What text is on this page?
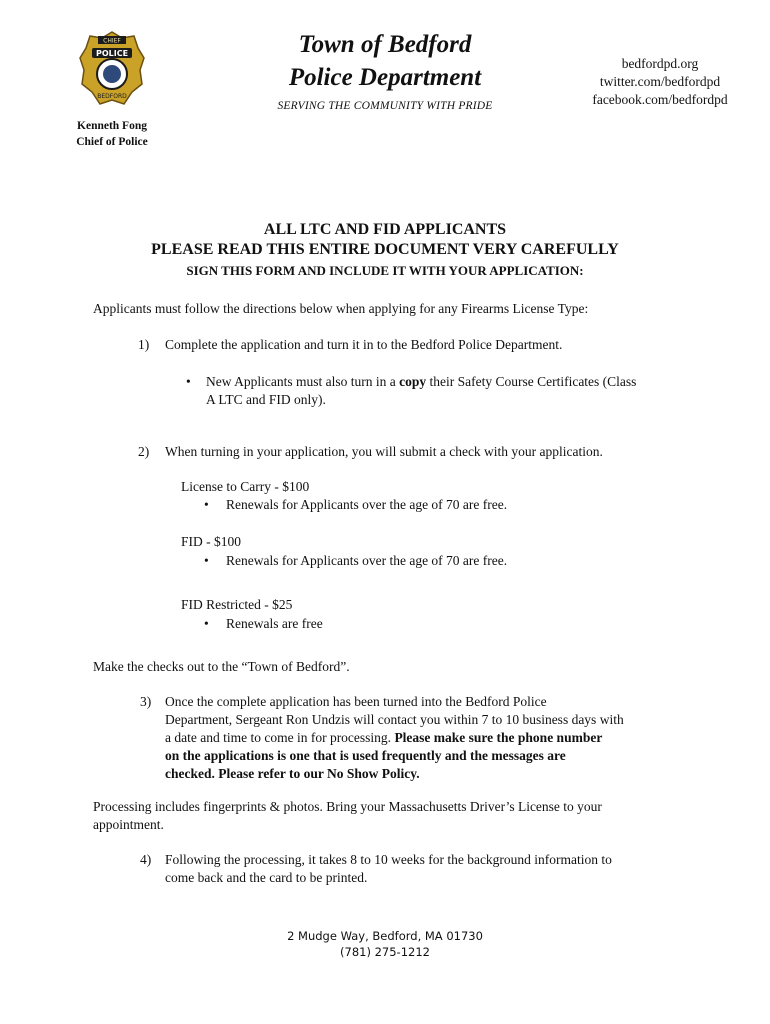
CHIEF
POLICE
BEDFORD
Kenneth Fong
Chief of Police
Town of Bedford
Police Department
SERVING THE COMMUNITY WITH PRIDE
bedfordpd.org
twitter.com/bedfordpd
facebook.com/bedfordpd
ALL LTC AND FID APPLICANTS
PLEASE READ THIS ENTIRE DOCUMENT VERY CAREFULLY
SIGN THIS FORM AND INCLUDE IT WITH YOUR APPLICATION:
Applicants must follow the directions below when applying for any Firearms License Type:
1) Complete the application and turn it in to the Bedford Police Department.
• New Applicants must also turn in a copy their Safety Course Certificates (Class
A LTC and FID only).
2) When turning in your application, you will submit a check with your application.
License to Carry - $100
• Renewals for Applicants over the age of 70 are free.
FID - $100
• Renewals for Applicants over the age of 70 are free.
FID Restricted - $25
• Renewals are free
Make the checks out to the “Town of Bedford”.
3) Once the complete application has been turned into the Bedford Police
Department, Sergeant Ron Undzis will contact you within 7 to 10 business days with
a date and time to come in for processing. Please make sure the phone number
on the applications is one that is used frequently and the messages are
checked. Please refer to our No Show Policy.
Processing includes fingerprints & photos. Bring your Massachusetts Driver’s License to your
appointment.
4) Following the processing, it takes 8 to 10 weeks for the background information to
come back and the card to be printed.
2 Mudge Way, Bedford, MA 01730
(781) 275-1212
